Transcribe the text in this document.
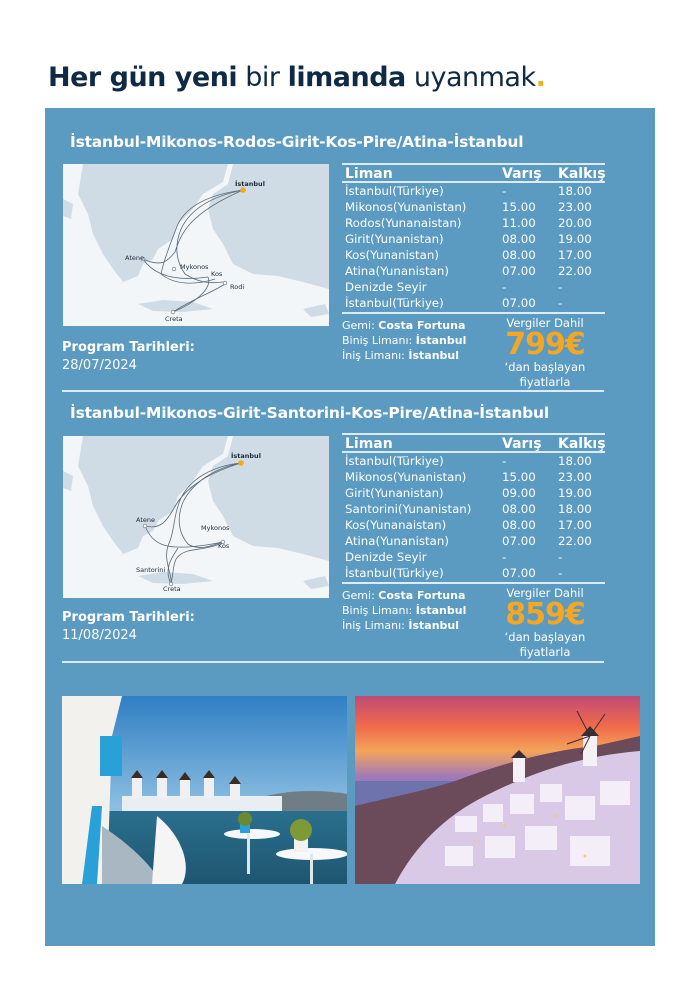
Her gün yeni bir limanda uyanmak.
İstanbul-Mikonos-Rodos-Girit-Kos-Pire/Atina-İstanbul
İstanbul
Atene
Mykonos
Kos
Rodi
Creta
Program Tarihleri:
28/07/2024
Liman	Varış	Kalkış
İstanbul(Türkiye)	-	18.00
Mikonos(Yunanistan)	15.00	23.00
Rodos(Yunanaistan)	11.00	20.00
Girit(Yunanistan)	08.00	19.00
Kos(Yunanistan)	08.00	17.00
Atina(Yunanistan)	07.00	22.00
Denizde Seyir	-	-
İstanbul(Türkiye)	07.00	-
Gemi: Costa Fortuna
Biniş Limanı: İstanbul
İniş Limanı: İstanbul
Vergiler Dahil
799€
‘dan başlayan
fiyatlarla
İstanbul-Mikonos-Girit-Santorini-Kos-Pire/Atina-İstanbul
İstanbul
Atene
Mykonos
Kos
Santorini
Creta
Program Tarihleri:
11/08/2024
Liman	Varış	Kalkış
İstanbul(Türkiye)	-	18.00
Mikonos(Yunanistan)	15.00	23.00
Girit(Yunanistan)	09.00	19.00
Santorini(Yunanistan)	08.00	18.00
Kos(Yunanaistan)	08.00	17.00
Atina(Yunanistan)	07.00	22.00
Denizde Seyir	-	-
İstanbul(Türkiye)	07.00	-
Gemi: Costa Fortuna
Biniş Limanı: İstanbul
İniş Limanı: İstanbul
Vergiler Dahil
859€
‘dan başlayan
fiyatlarla
